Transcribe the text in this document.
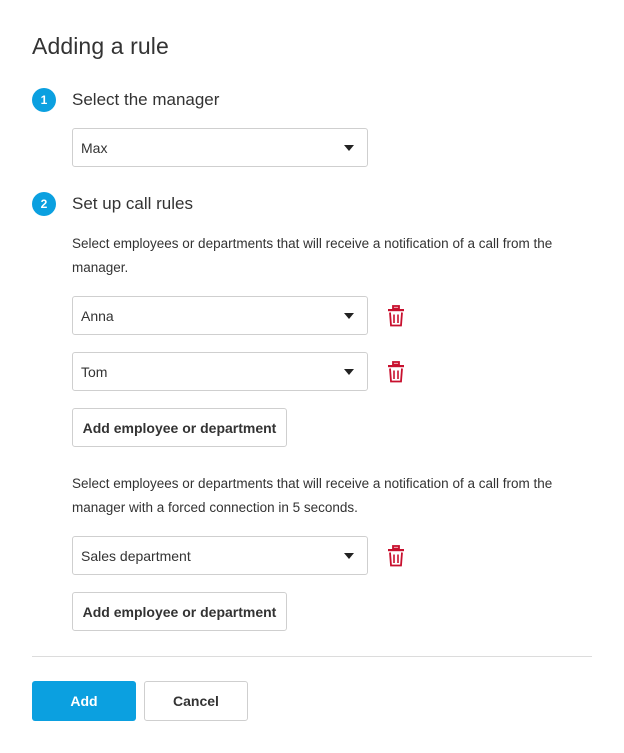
Adding a rule
1	Select the manager
Max
2	Set up call rules
Select employees or departments that will receive a notification of a call from the manager.
Anna
Tom
Add employee or department
Select employees or departments that will receive a notification of a call from the manager with a forced connection in 5 seconds.
Sales department
Add employee or department
Add	Cancel
